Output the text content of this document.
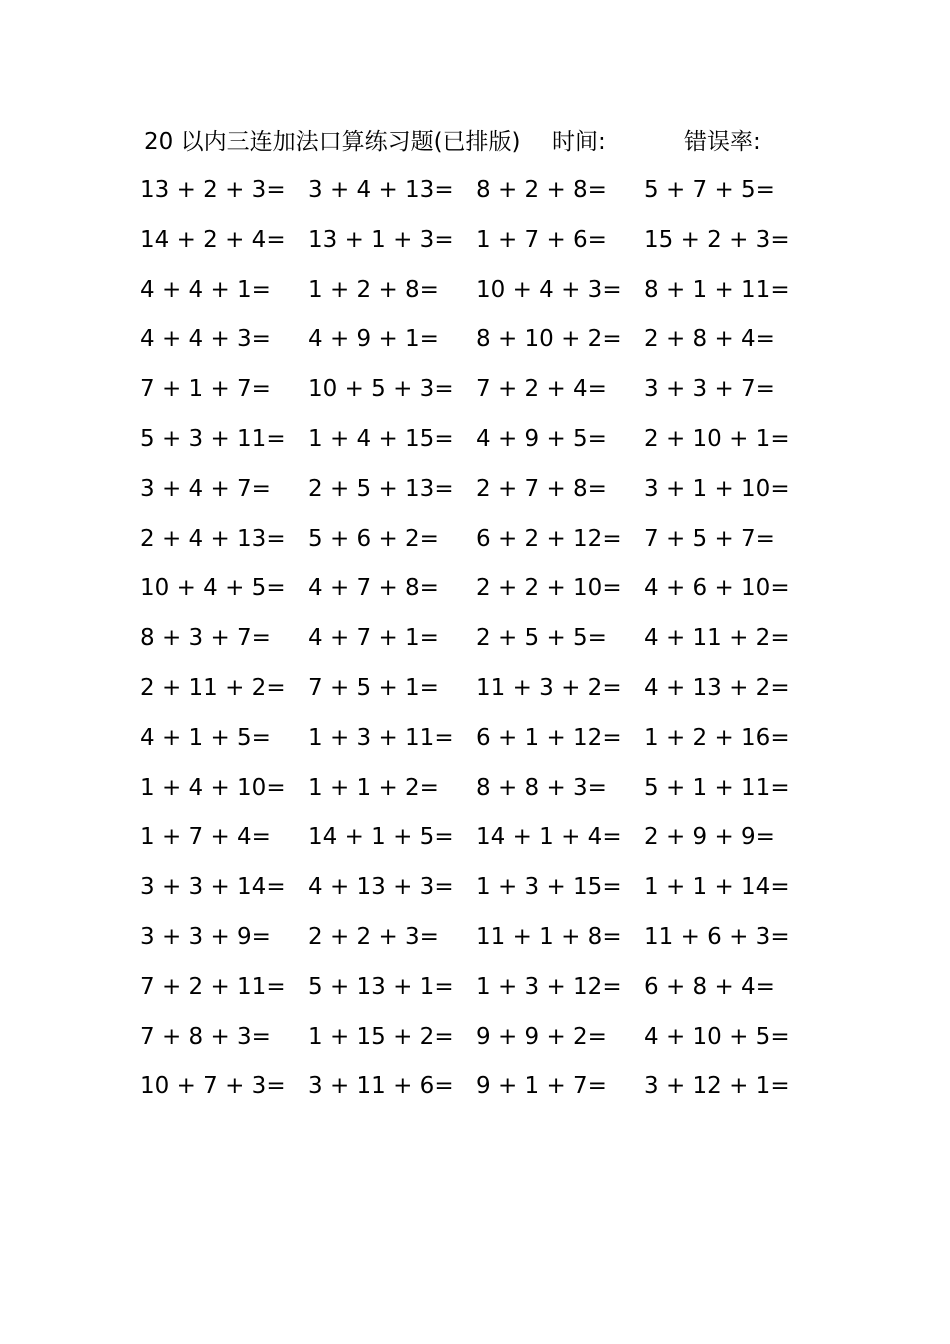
20 以内三连加法口算练习题(已排版) 时间:	错误率:
13 + 2 + 3= 3 + 4 + 13= 8 + 2 + 8=	5 + 7 + 5=
14 + 2 + 4= 13 + 1 + 3= 1 + 7 + 6=	15 + 2 + 3=
4 + 4 + 1=	1 + 2 + 8=	10 + 4 + 3= 8 + 1 + 11=
4 + 4 + 3=	4 + 9 + 1=	8 + 10 + 2= 2 + 8 + 4=
7 + 1 + 7=	10 + 5 + 3= 7 + 2 + 4=	3 + 3 + 7=
5 + 3 + 11= 1 + 4 + 15= 4 + 9 + 5=	2 + 10 + 1=
3 + 4 + 7=	2 + 5 + 13= 2 + 7 + 8=	3 + 1 + 10=
2 + 4 + 13= 5 + 6 + 2=	6 + 2 + 12= 7 + 5 + 7=
10 + 4 + 5= 4 + 7 + 8=	2 + 2 + 10= 4 + 6 + 10=
8 + 3 + 7=	4 + 7 + 1=	2 + 5 + 5=	4 + 11 + 2=
2 + 11 + 2= 7 + 5 + 1=	11 + 3 + 2= 4 + 13 + 2=
4 + 1 + 5=	1 + 3 + 11= 6 + 1 + 12= 1 + 2 + 16=
1 + 4 + 10= 1 + 1 + 2=	8 + 8 + 3=	5 + 1 + 11=
1 + 7 + 4=	14 + 1 + 5= 14 + 1 + 4= 2 + 9 + 9=
3 + 3 + 14= 4 + 13 + 3= 1 + 3 + 15= 1 + 1 + 14=
3 + 3 + 9=	2 + 2 + 3=	11 + 1 + 8= 11 + 6 + 3=
7 + 2 + 11= 5 + 13 + 1= 1 + 3 + 12= 6 + 8 + 4=
7 + 8 + 3=	1 + 15 + 2= 9 + 9 + 2=	4 + 10 + 5=
10 + 7 + 3= 3 + 11 + 6= 9 + 1 + 7=	3 + 12 + 1=
